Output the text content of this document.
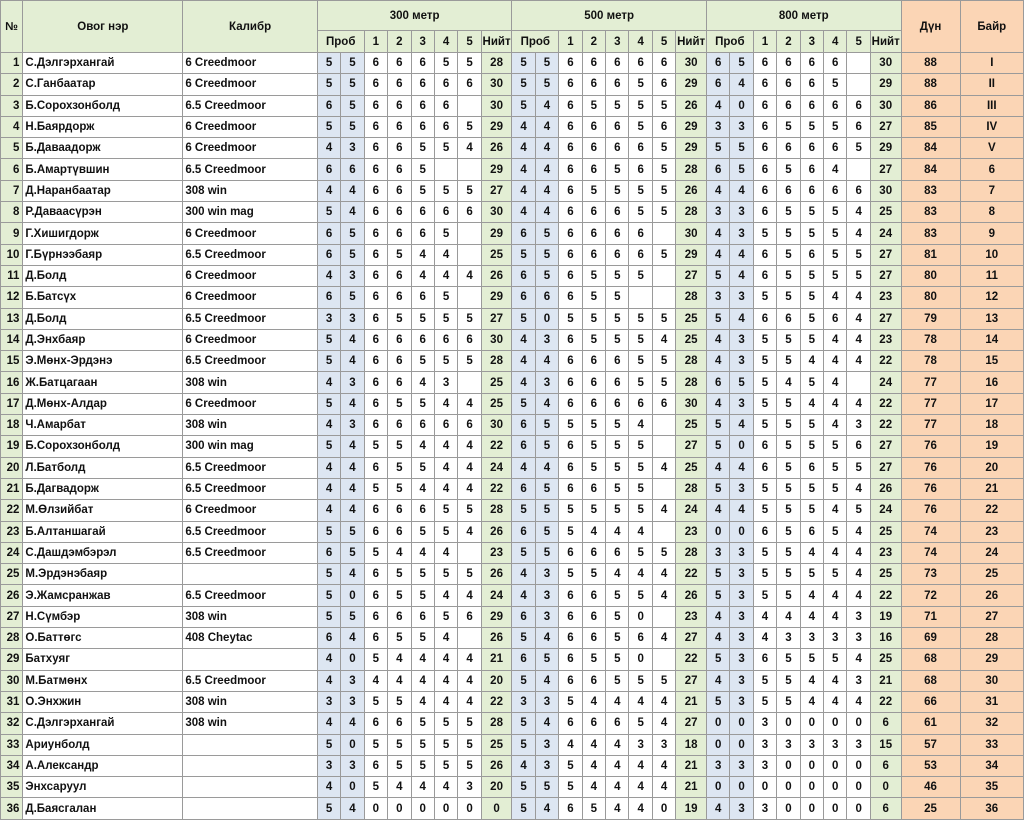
№	Овог нэр	Калибр	300 метр								500 метр								800 метр								Дүн	Байр
			Проб		1	2	3	4	5	Нийт	Проб		1	2	3	4	5	Нийт	Проб		1	2	3	4	5	Нийт		
1	С.Дэлгэрхангай	6 Creedmoor	5	5	6	6	6	5	5	28	5	5	6	6	6	6	6	30	6	5	6	6	6	6		30	88	I
2	С.Ганбаатар	6 Creedmoor	5	5	6	6	6	6	6	30	5	5	6	6	6	5	6	29	6	4	6	6	6	5		29	88	II
3	Б.Сорохзонболд	6.5 Creedmoor	6	5	6	6	6	6		30	5	4	6	5	5	5	5	26	4	0	6	6	6	6	6	30	86	III
4	Н.Баярдорж	6 Creedmoor	5	5	6	6	6	6	5	29	4	4	6	6	6	5	6	29	3	3	6	5	5	5	6	27	85	IV
5	Б.Даваадорж	6 Creedmoor	4	3	6	6	5	5	4	26	4	4	6	6	6	6	5	29	5	5	6	6	6	6	5	29	84	V
6	Б.Амартүвшин	6.5 Creedmoor	6	6	6	6	5			29	4	4	6	6	5	6	5	28	6	5	6	5	6	4		27	84	6
7	Д.Наранбаатар	308 win	4	4	6	6	5	5	5	27	4	4	6	5	5	5	5	26	4	4	6	6	6	6	6	30	83	7
8	Р.Даваасүрэн	300 win mag	5	4	6	6	6	6	6	30	4	4	6	6	6	5	5	28	3	3	6	5	5	5	4	25	83	8
9	Г.Хишигдорж	6 Creedmoor	6	5	6	6	6	5		29	6	5	6	6	6	6		30	4	3	5	5	5	5	4	24	83	9
10	Г.Бүрнээбаяр	6.5 Creedmoor	6	5	6	5	4	4		25	5	5	6	6	6	6	5	29	4	4	6	5	6	5	5	27	81	10
11	Д.Болд	6 Creedmoor	4	3	6	6	4	4	4	26	6	5	6	5	5	5		27	5	4	6	5	5	5	5	27	80	11
12	Б.Батсүх	6 Creedmoor	6	5	6	6	6	5		29	6	6	6	5	5			28	3	3	5	5	5	4	4	23	80	12
13	Д.Болд	6.5 Creedmoor	3	3	6	5	5	5	5	27	5	0	5	5	5	5	5	25	5	4	6	6	5	6	4	27	79	13
14	Д.Энхбаяр	6 Creedmoor	5	4	6	6	6	6	6	30	4	3	6	5	5	5	4	25	4	3	5	5	5	4	4	23	78	14
15	Э.Мөнх-Эрдэнэ	6.5 Creedmoor	5	4	6	6	5	5	5	28	4	4	6	6	6	5	5	28	4	3	5	5	4	4	4	22	78	15
16	Ж.Батцагаан	308 win	4	3	6	6	4	3		25	4	3	6	6	6	5	5	28	6	5	5	4	5	4		24	77	16
17	Д.Мөнх-Алдар	6 Creedmoor	5	4	6	5	5	4	4	25	5	4	6	6	6	6	6	30	4	3	5	5	4	4	4	22	77	17
18	Ч.Амарбат	308 win	4	3	6	6	6	6	6	30	6	5	5	5	5	4		25	5	4	5	5	5	4	3	22	77	18
19	Б.Сорохзонболд	300 win mag	5	4	5	5	4	4	4	22	6	5	6	5	5	5		27	5	0	6	5	5	5	6	27	76	19
20	Л.Батболд	6.5 Creedmoor	4	4	6	5	5	4	4	24	4	4	6	5	5	5	4	25	4	4	6	5	6	5	5	27	76	20
21	Б.Дагвадорж	6.5 Creedmoor	4	4	5	5	4	4	4	22	6	5	6	6	5	5		28	5	3	5	5	5	5	4	26	76	21
22	М.Өлзийбат	6 Creedmoor	4	4	6	6	6	5	5	28	5	5	5	5	5	5	4	24	4	4	5	5	5	4	5	24	76	22
23	Б.Алтаншагай	6.5 Creedmoor	5	5	6	6	5	5	4	26	6	5	5	4	4	4		23	0	0	6	5	6	5	4	25	74	23
24	С.Дашдэмбэрэл	6.5 Creedmoor	6	5	5	4	4	4		23	5	5	6	6	6	5	5	28	3	3	5	5	4	4	4	23	74	24
25	М.Эрдэнэбаяр		5	4	6	5	5	5	5	26	4	3	5	5	4	4	4	22	5	3	5	5	5	5	4	25	73	25
26	Э.Жамсранжав	6.5 Creedmoor	5	0	6	5	5	4	4	24	4	3	6	6	5	5	4	26	5	3	5	5	4	4	4	22	72	26
27	Н.Сүмбэр	308 win	5	5	6	6	6	5	6	29	6	3	6	6	5	0		23	4	3	4	4	4	4	3	19	71	27
28	О.Баттөгс	408 Cheytac	6	4	6	5	5	4		26	5	4	6	6	5	6	4	27	4	3	4	3	3	3	3	16	69	28
29	Батхуяг		4	0	5	4	4	4	4	21	6	5	6	5	5	0		22	5	3	6	5	5	5	4	25	68	29
30	М.Батмөнх	6.5 Creedmoor	4	3	4	4	4	4	4	20	5	4	6	6	5	5	5	27	4	3	5	5	4	4	3	21	68	30
31	О.Энхжин	308 win	3	3	5	5	4	4	4	22	3	3	5	4	4	4	4	21	5	3	5	5	4	4	4	22	66	31
32	С.Дэлгэрхангай	308 win	4	4	6	6	5	5	5	28	5	4	6	6	6	5	4	27	0	0	3	0	0	0	0	6	61	32
33	Ариунболд		5	0	5	5	5	5	5	25	5	3	4	4	4	3	3	18	0	0	3	3	3	3	3	15	57	33
34	А.Александр		3	3	6	5	5	5	5	26	4	3	5	4	4	4	4	21	3	3	3	0	0	0	0	6	53	34
35	Энхсаруул		4	0	5	4	4	4	3	20	5	5	5	4	4	4	4	21	0	0	0	0	0	0	0	0	46	35
36	Д.Баясгалан		5	4	0	0	0	0	0	0	5	4	6	5	4	4	0	19	4	3	3	0	0	0	0	6	25	36
